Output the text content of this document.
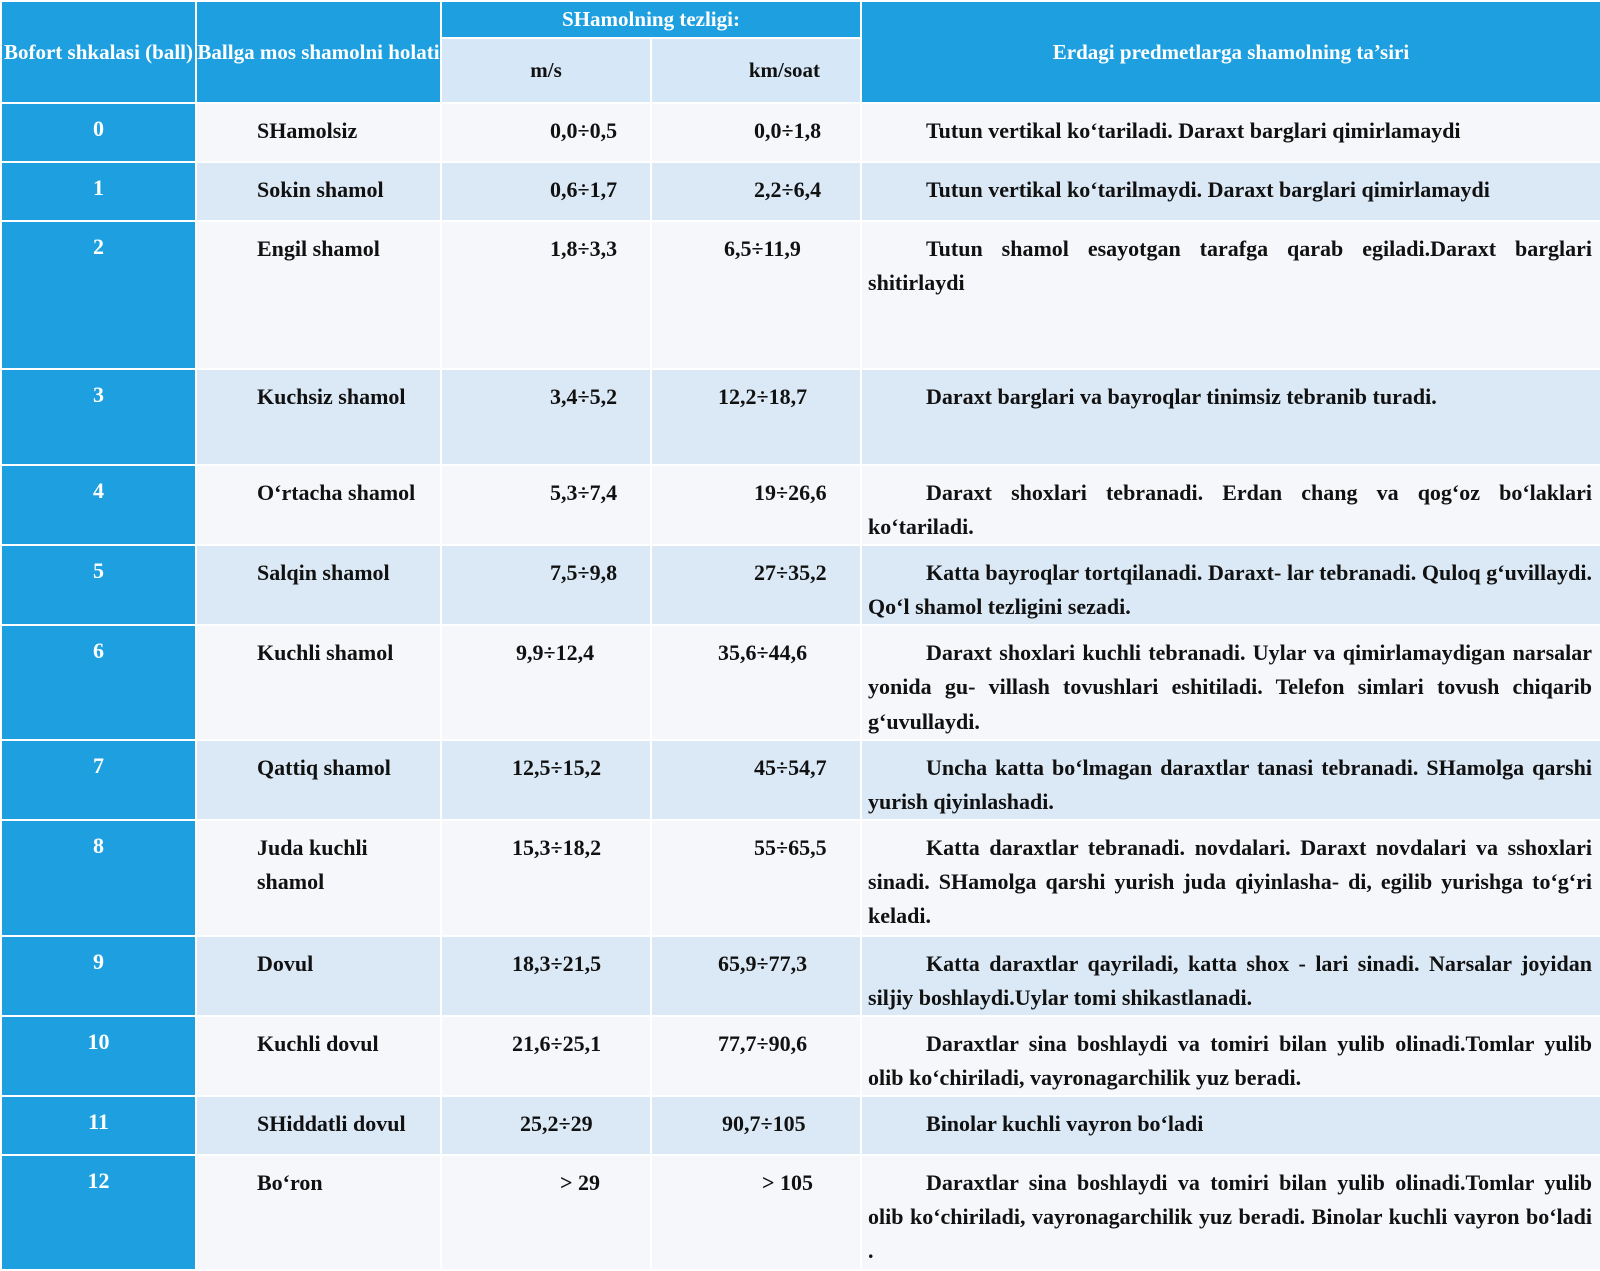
Bofort shkalasi (ball)	Ballga mos shamolni holati	SHamolning tezligi:		Erdagi predmetlarga shamolning ta’siri
		m/s	km/soat	
0	SHamolsiz	0,0÷0,5	0,0÷1,8	Tutun vertikal ko‘tariladi. Daraxt barglari qimirlamaydi
1	Sokin shamol	0,6÷1,7	2,2÷6,4	Tutun vertikal ko‘tarilmaydi. Daraxt barglari qimirlamaydi
2	Engil shamol	1,8÷3,3	6,5÷11,9	Tutun shamol esayotgan tarafga qarab egiladi.Daraxt barglari shitirlaydi
3	Kuchsiz shamol	3,4÷5,2	12,2÷18,7	Daraxt barglari va bayroqlar tinimsiz tebranib turadi.
4	O‘rtacha shamol	5,3÷7,4	19÷26,6	Daraxt shoxlari tebranadi. Erdan chang va qog‘oz bo‘laklari ko‘tariladi.
5	Salqin shamol	7,5÷9,8	27÷35,2	Katta bayroqlar tortqilanadi. Daraxt- lar tebranadi. Quloq g‘uvillaydi. Qo‘l shamol tezligini sezadi.
6	Kuchli shamol	9,9÷12,4	35,6÷44,6	Daraxt shoxlari kuchli tebranadi. Uylar va qimirlamaydigan narsalar yonida gu- villash tovushlari eshitiladi. Telefon simlari tovush chiqarib g‘uvullaydi.
7	Qattiq shamol	12,5÷15,2	45÷54,7	Uncha katta bo‘lmagan daraxtlar tanasi tebranadi. SHamolga qarshi yurish qiyinlashadi.
8	Juda kuchli shamol	15,3÷18,2	55÷65,5	Katta daraxtlar tebranadi. novdalari. Daraxt novdalari va sshoxlari sinadi. SHamolga qarshi yurish juda qiyinlasha- di, egilib yurishga to‘g‘ri keladi.
9	Dovul	18,3÷21,5	65,9÷77,3	Katta daraxtlar qayriladi, katta shox - lari sinadi. Narsalar joyidan siljiy boshlaydi.Uylar tomi shikastlanadi.
10	Kuchli dovul	21,6÷25,1	77,7÷90,6	Daraxtlar sina boshlaydi va tomiri bilan yulib olinadi.Tomlar yulib olib ko‘chiriladi, vayronagarchilik yuz beradi.
11	SHiddatli dovul	25,2÷29	90,7÷105	Binolar kuchli vayron bo‘ladi
12	Bo‘ron	> 29	> 105	Daraxtlar sina boshlaydi va tomiri bilan yulib olinadi.Tomlar yulib olib ko‘chiriladi, vayronagarchilik yuz beradi. Binolar kuchli vayron bo‘ladi .
